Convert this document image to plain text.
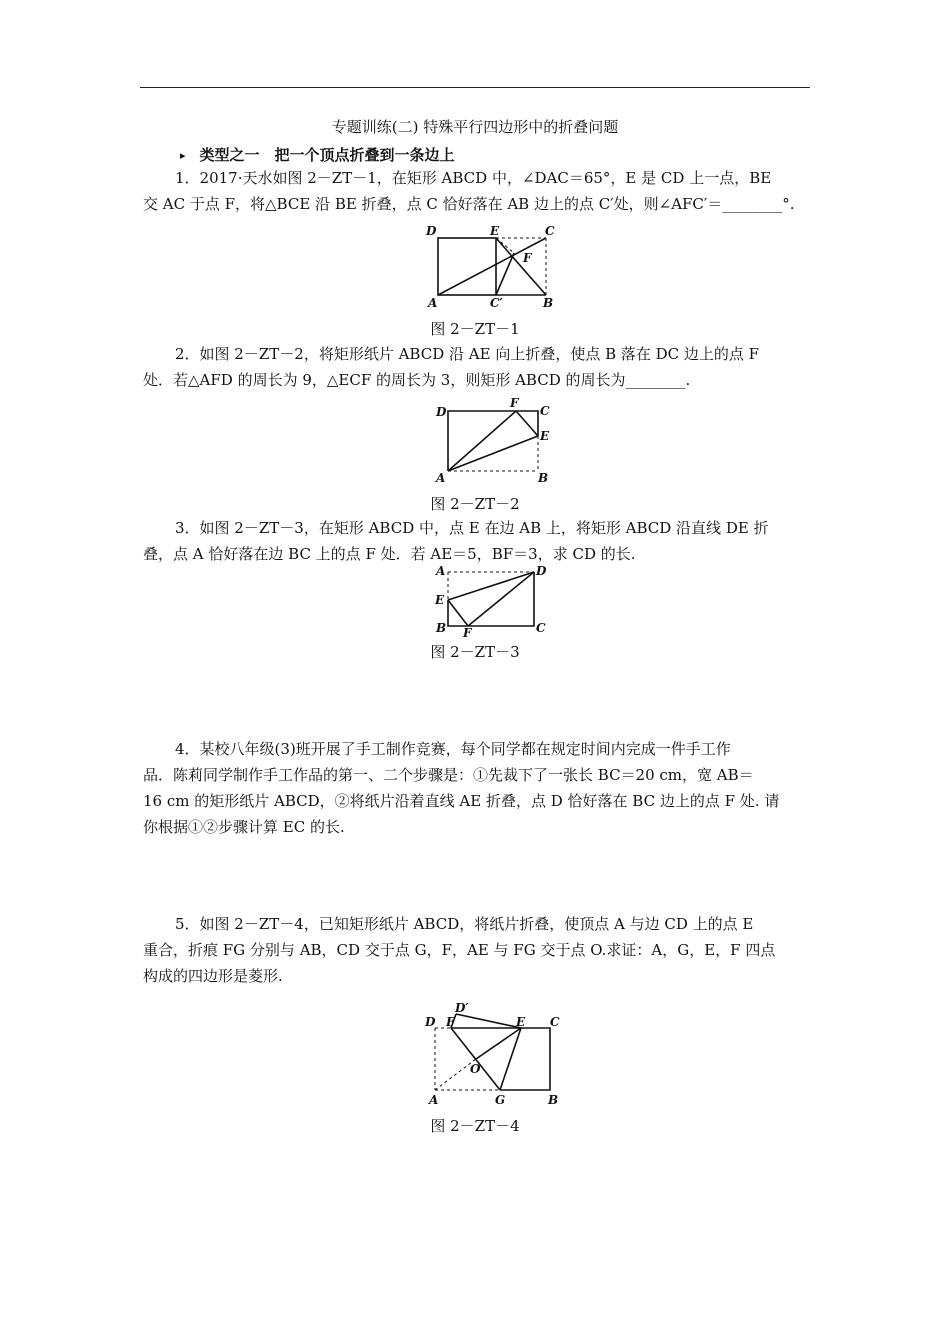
专题训练(二) 特殊平行四边形中的折叠问题
▸ 类型之一　把一个顶点折叠到一条边上
1．2017·天水如图 2－ZT－1，在矩形 ABCD 中，∠DAC＝65°，E 是 CD 上一点，BE
交 AC 于点 F，将△BCE 沿 BE 折叠，点 C 恰好落在 AB 边上的点 C′处，则∠AFC′＝________°.
D	E	C
F
A	C′	B
图 2－ZT－1
2．如图 2－ZT－2，将矩形纸片 ABCD 沿 AE 向上折叠，使点 B 落在 DC 边上的点 F
处．若△AFD 的周长为 9，△ECF 的周长为 3，则矩形 ABCD 的周长为________.
D
F
C
E
A	B
图 2－ZT－2
3．如图 2－ZT－3，在矩形 ABCD 中，点 E 在边 AB 上，将矩形 ABCD 沿直线 DE 折
叠，点 A 恰好落在边 BC 上的点 F 处．若 AE＝5，BF＝3，求 CD 的长.
A	D
E
B F	C
图 2－ZT－3
4．某校八年级(3)班开展了手工制作竞赛，每个同学都在规定时间内完成一件手工作
品．陈莉同学制作手工作品的第一、二个步骤是：①先裁下了一张长 BC＝20 cm，宽 AB＝
16 cm 的矩形纸片 ABCD，②将纸片沿着直线 AE 折叠，点 D 恰好落在 BC 边上的点 F 处. 请
你根据①②步骤计算 EC 的长.
5．如图 2－ZT－4，已知矩形纸片 ABCD，将纸片折叠，使顶点 A 与边 CD 上的点 E
重合，折痕 FG 分别与 AB，CD 交于点 G，F，AE 与 FG 交于点 O.求证：A，G，E，F 四点
构成的四边形是菱形.
D′
D F	E C
O
A	G	B
图 2－ZT－4
